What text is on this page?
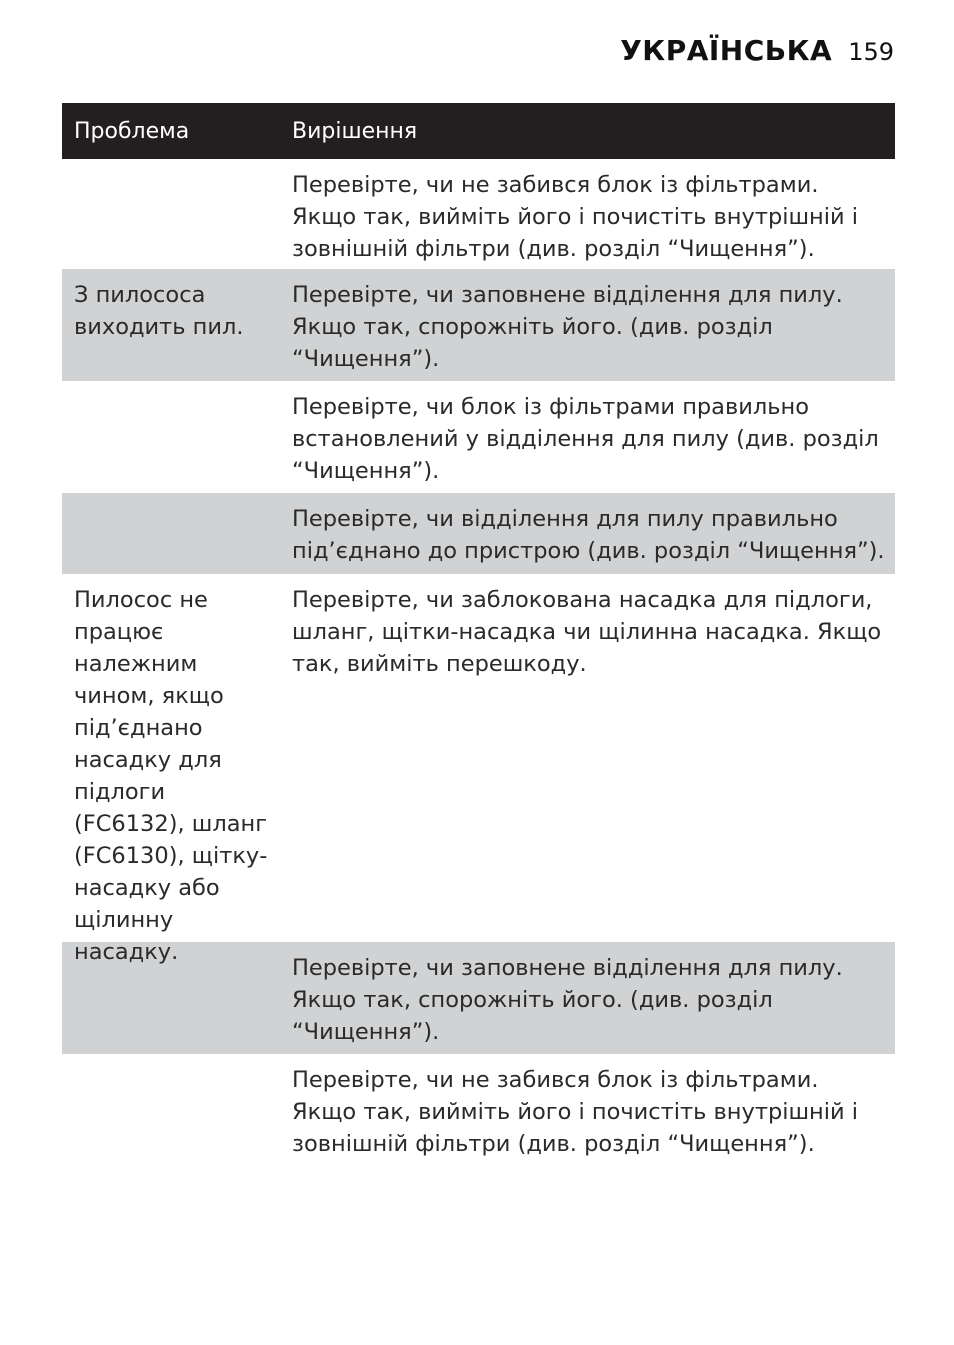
УКРАЇНСЬКА 159
Проблема	Вирішення
Перевірте, чи не забився блок із фільтрами. Якщо так, вийміть його і почистіть внутрішній і зовнішній фільтри (див. розділ “Чищення”).
З пилососа виходить пил.
Перевірте, чи заповнене відділення для пилу. Якщо так, спорожніть його. (див. розділ “Чищення”).
Перевірте, чи блок із фільтрами правильно встановлений у відділення для пилу (див. розділ “Чищення”).
Перевірте, чи відділення для пилу правильно під’єднано до пристрою (див. розділ “Чищення”).
Пилосос не працює належним чином, якщо під’єднано насадку для підлоги (FC6132), шланг (FC6130), щітку-насадку або щілинну насадку.
Перевірте, чи заблокована насадка для підлоги, шланг, щітки-насадка чи щілинна насадка. Якщо так, вийміть перешкоду.
Перевірте, чи заповнене відділення для пилу. Якщо так, спорожніть його. (див. розділ “Чищення”).
Перевірте, чи не забився блок із фільтрами. Якщо так, вийміть його і почистіть внутрішній і зовнішній фільтри (див. розділ “Чищення”).
